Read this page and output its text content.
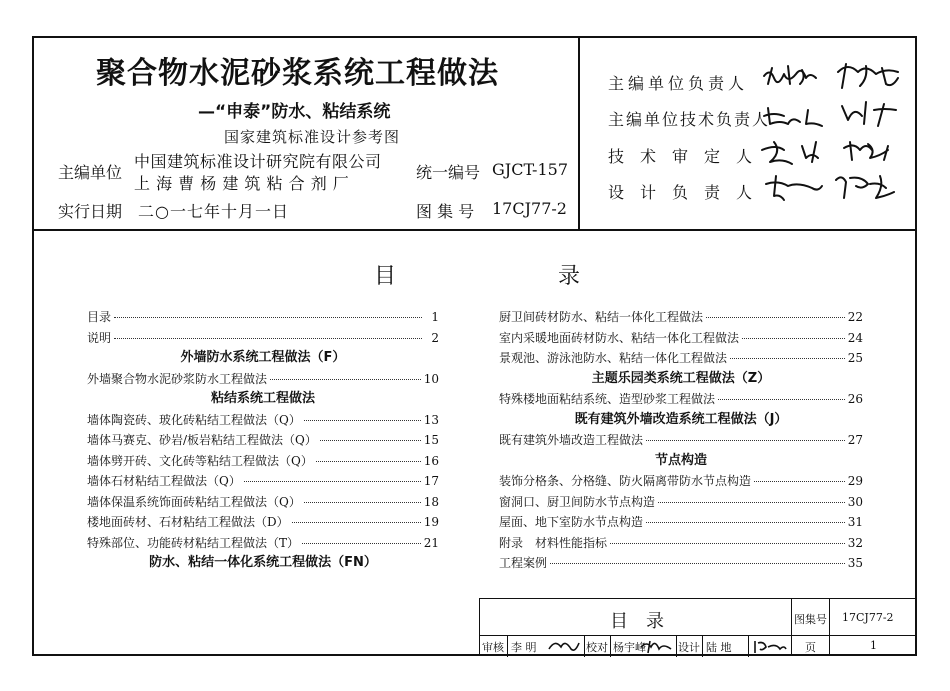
聚合物水泥砂浆系统工程做法
—“申泰”防水、粘结系统
国家建筑标准设计参考图
主编单位
中国建筑标准设计研究院有限公司
上 海 曹 杨 建 筑 粘 合 剂 厂
实行日期 二○一七年十月一日
统一编号 GJCT-157
图 集 号 17CJ77-2
主编单位负责人
主编单位技术负责人
技术审定人
设计负责人
目	录
目录	1
说明	2
外墙防水系统工程做法（F）
外墙聚合物水泥砂浆防水工程做法	10
粘结系统工程做法
墙体陶瓷砖、玻化砖粘结工程做法（Q）	13
墙体马赛克、砂岩/板岩粘结工程做法（Q）	15
墙体劈开砖、文化砖等粘结工程做法（Q）	16
墙体石材粘结工程做法（Q）	17
墙体保温系统饰面砖粘结工程做法（Q）	18
楼地面砖材、石材粘结工程做法（D）	19
特殊部位、功能砖材粘结工程做法（T）	21
防水、粘结一体化系统工程做法（FN）
厨卫间砖材防水、粘结一体化工程做法	22
室内采暖地面砖材防水、粘结一体化工程做法	24
景观池、游泳池防水、粘结一体化工程做法	25
主题乐园类系统工程做法（Z）
特殊楼地面粘结系统、造型砂浆工程做法	26
既有建筑外墙改造系统工程做法（J）
既有建筑外墙改造工程做法	27
节点构造
装饰分格条、分格缝、防火隔离带防水节点构造	29
窗洞口、厨卫间防水节点构造	30
屋面、地下室防水节点构造	31
附录　材料性能指标	32
工程案例	35
目　录	图集号 17CJ77-2
审核 李 明	校对 杨宇峰	设计 陆 地	页	1
